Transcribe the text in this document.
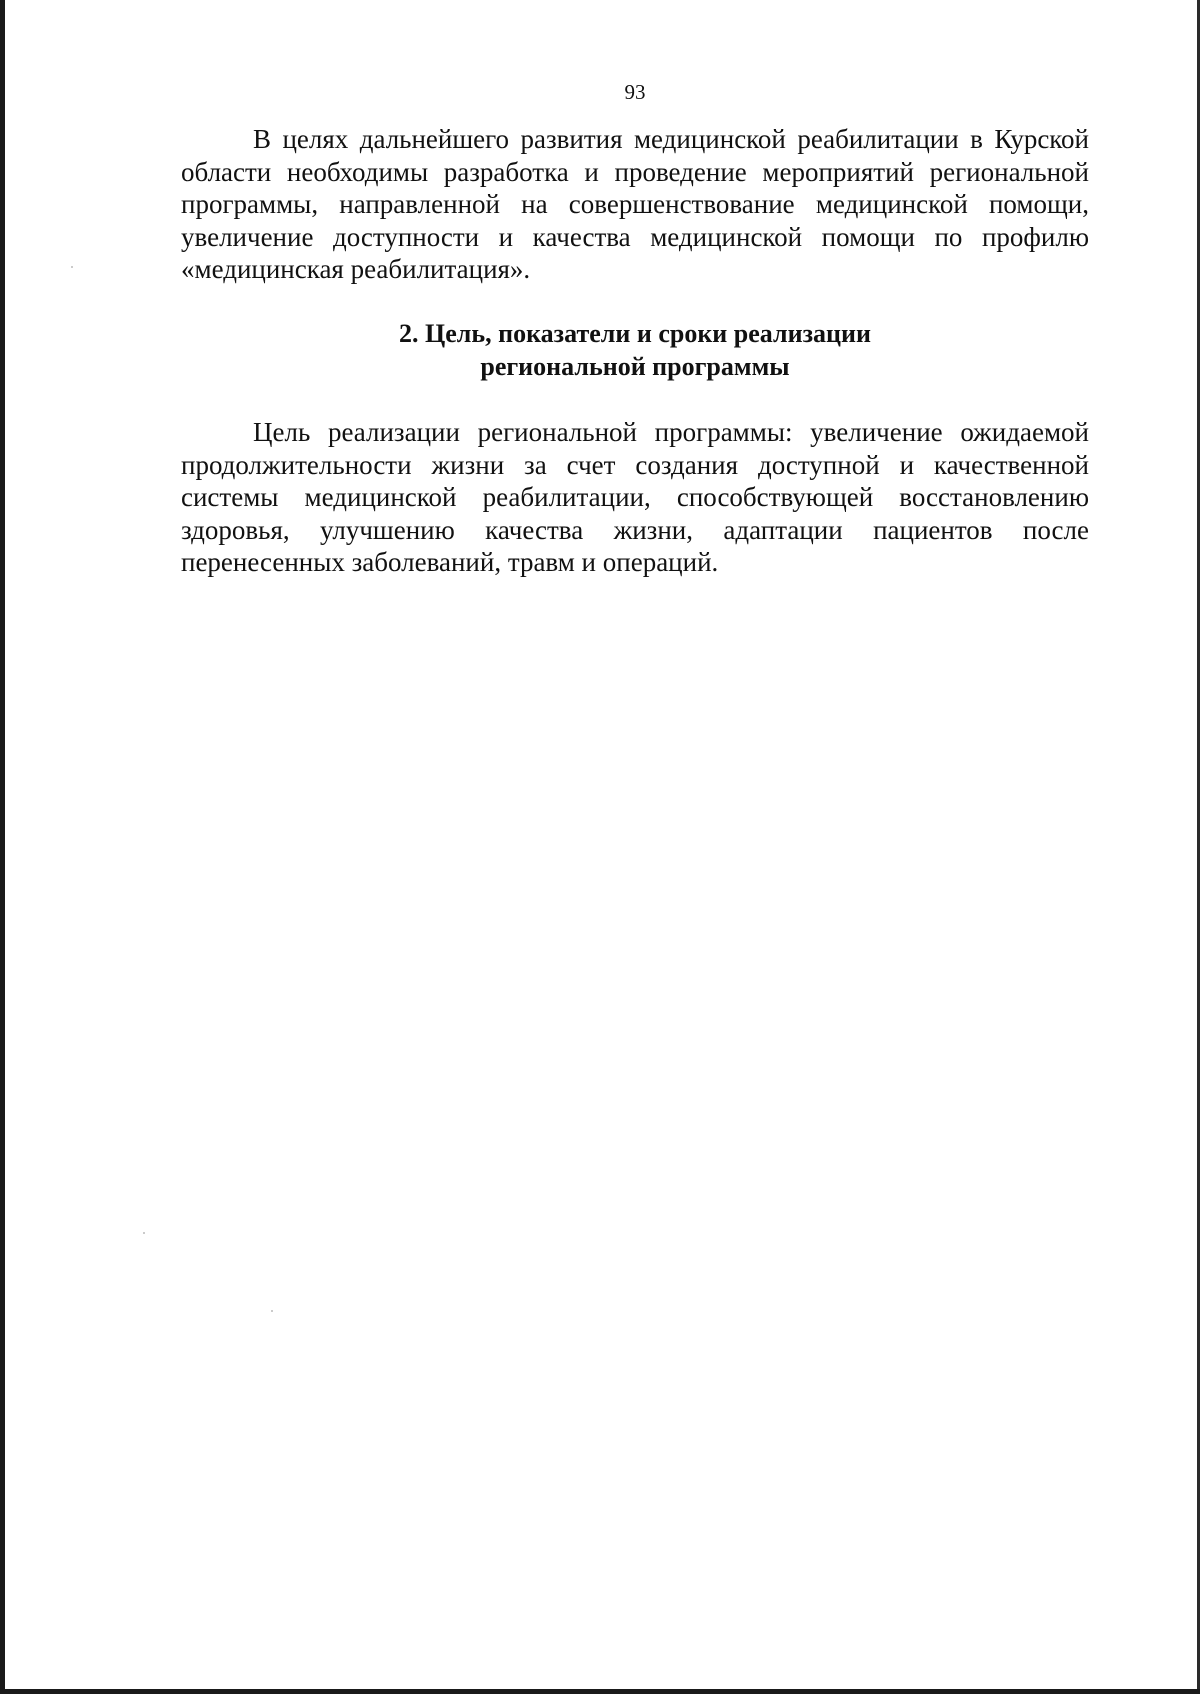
93

В целях дальнейшего развития медицинской реабилитации в Курской области необходимы разработка и проведение мероприятий региональной программы, направленной на совершенствование медицинской помощи, увеличение доступности и качества медицинской помощи по профилю «медицинская реабилитация».

2. Цель, показатели и сроки реализации
региональной программы

Цель реализации региональной программы: увеличение ожидаемой продолжительности жизни за счет создания доступной и качественной системы медицинской реабилитации, способствующей восстановлению здоровья, улучшению качества жизни, адаптации пациентов после перенесенных заболеваний, травм и операций.
